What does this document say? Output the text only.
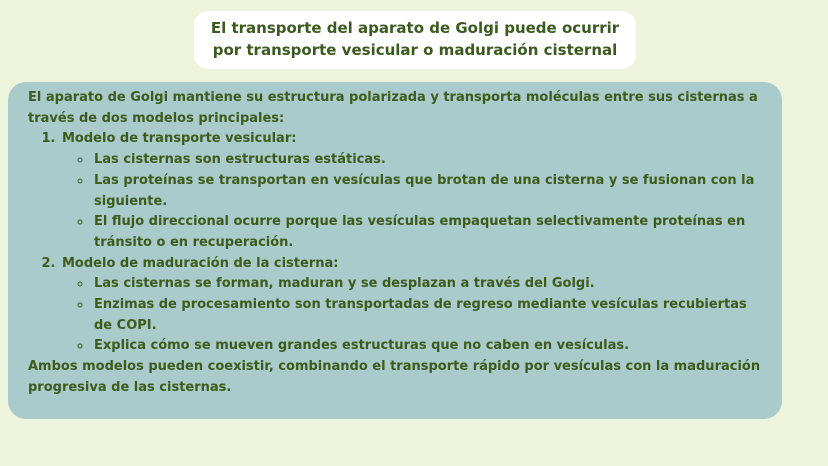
El transporte del aparato de Golgi puede ocurrir
por transporte vesicular o maduración cisternal

El aparato de Golgi mantiene su estructura polarizada y transporta moléculas entre sus cisternas a través de dos modelos principales:

1. Modelo de transporte vesicular:
◦ Las cisternas son estructuras estáticas.
◦ Las proteínas se transportan en vesículas que brotan de una cisterna y se fusionan con la siguiente.
◦ El flujo direccional ocurre porque las vesículas empaquetan selectivamente proteínas en tránsito o en recuperación.
2. Modelo de maduración de la cisterna:
◦ Las cisternas se forman, maduran y se desplazan a través del Golgi.
◦ Enzimas de procesamiento son transportadas de regreso mediante vesículas recubiertas de COPI.
◦ Explica cómo se mueven grandes estructuras que no caben en vesículas.

Ambos modelos pueden coexistir, combinando el transporte rápido por vesículas con la maduración progresiva de las cisternas.
